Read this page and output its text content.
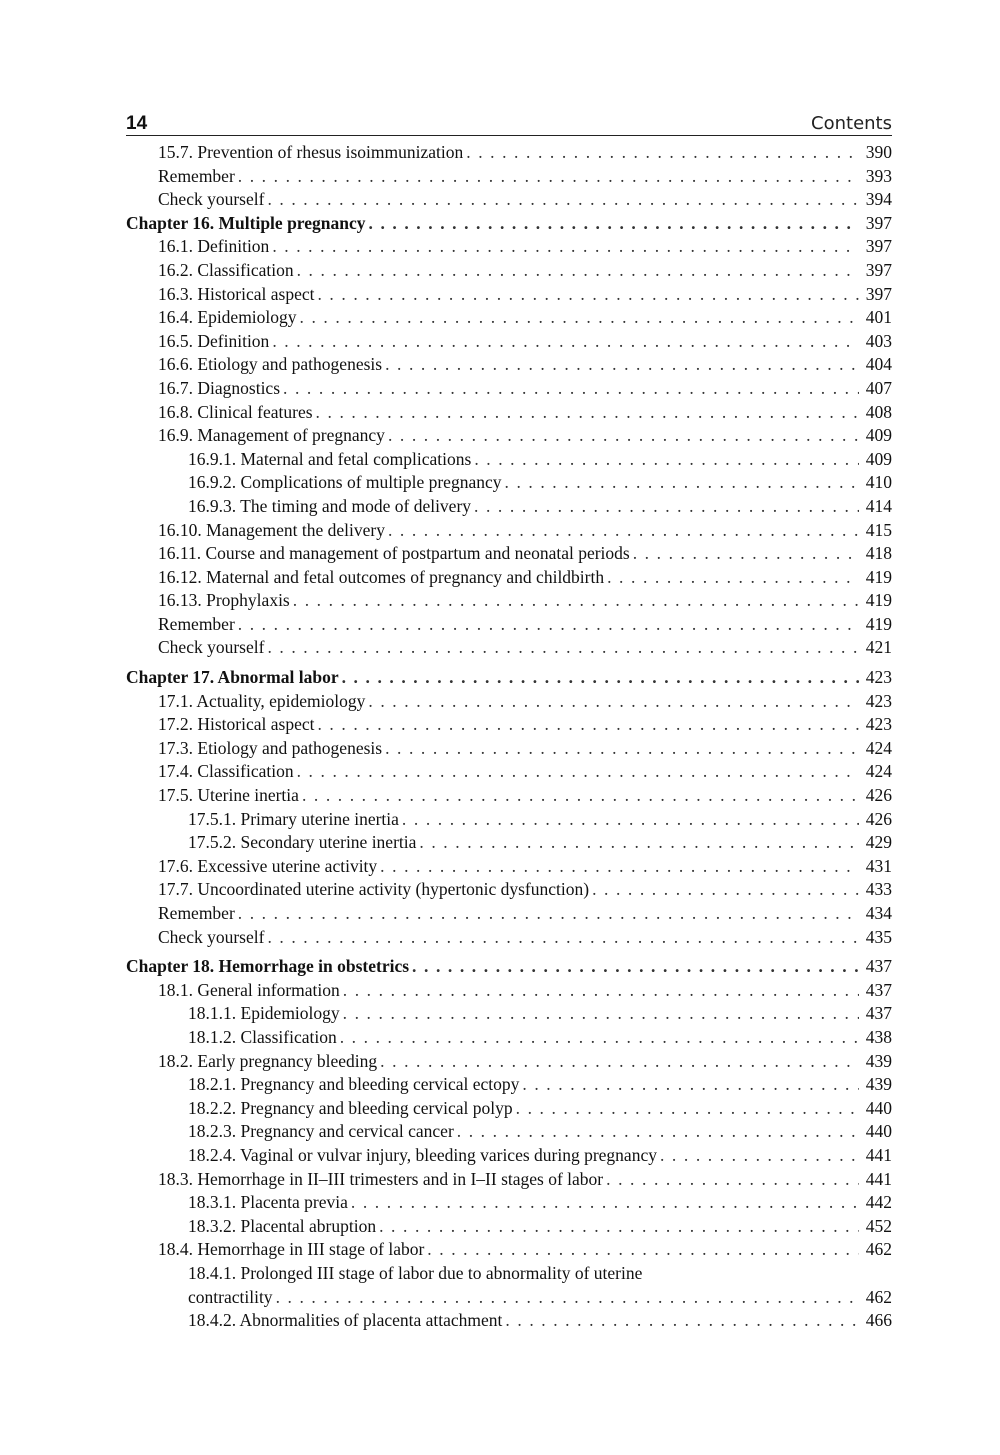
14	Contents
15.7. Prevention of rhesus isoimmunization . . .	390
Remember . . .	393
Check yourself . . .	394
Chapter 16. Multiple pregnancy . . .	397
16.1. Definition . . .	397
16.2. Classification . . .	397
16.3. Historical aspect . . .	397
16.4. Epidemiology . . .	401
16.5. Definition . . .	403
16.6. Etiology and pathogenesis . . .	404
16.7. Diagnostics . . .	407
16.8. Clinical features . . .	408
16.9. Management of pregnancy . . .	409
16.9.1. Maternal and fetal complications . . .	409
16.9.2. Complications of multiple pregnancy . . .	410
16.9.3. The timing and mode of delivery . . .	414
16.10. Management the delivery . . .	415
16.11. Course and management of postpartum and neonatal periods . . .	418
16.12. Maternal and fetal outcomes of pregnancy and childbirth . . .	419
16.13. Prophylaxis . . .	419
Remember . . .	419
Check yourself . . .	421
Chapter 17. Abnormal labor . . .	423
17.1. Actuality, epidemiology . . .	423
17.2. Historical aspect . . .	423
17.3. Etiology and pathogenesis . . .	424
17.4. Classification . . .	424
17.5. Uterine inertia . . .	426
17.5.1. Primary uterine inertia . . .	426
17.5.2. Secondary uterine inertia . . .	429
17.6. Excessive uterine activity . . .	431
17.7. Uncoordinated uterine activity (hypertonic dysfunction) . . .	433
Remember . . .	434
Check yourself . . .	435
Chapter 18. Hemorrhage in obstetrics . . .	437
18.1. General information . . .	437
18.1.1. Epidemiology . . .	437
18.1.2. Classification . . .	438
18.2. Early pregnancy bleeding . . .	439
18.2.1. Pregnancy and bleeding cervical ectopy . . .	439
18.2.2. Pregnancy and bleeding cervical polyp . . .	440
18.2.3. Pregnancy and cervical cancer . . .	440
18.2.4. Vaginal or vulvar injury, bleeding varices during pregnancy . . .	441
18.3. Hemorrhage in II–III trimesters and in I–II stages of labor . . .	441
18.3.1. Placenta previa . . .	442
18.3.2. Placental abruption . . .	452
18.4. Hemorrhage in III stage of labor . . .	462
18.4.1. Prolonged III stage of labor due to abnormality of uterine
contractility . . .	462
18.4.2. Abnormalities of placenta attachment . . .	466
